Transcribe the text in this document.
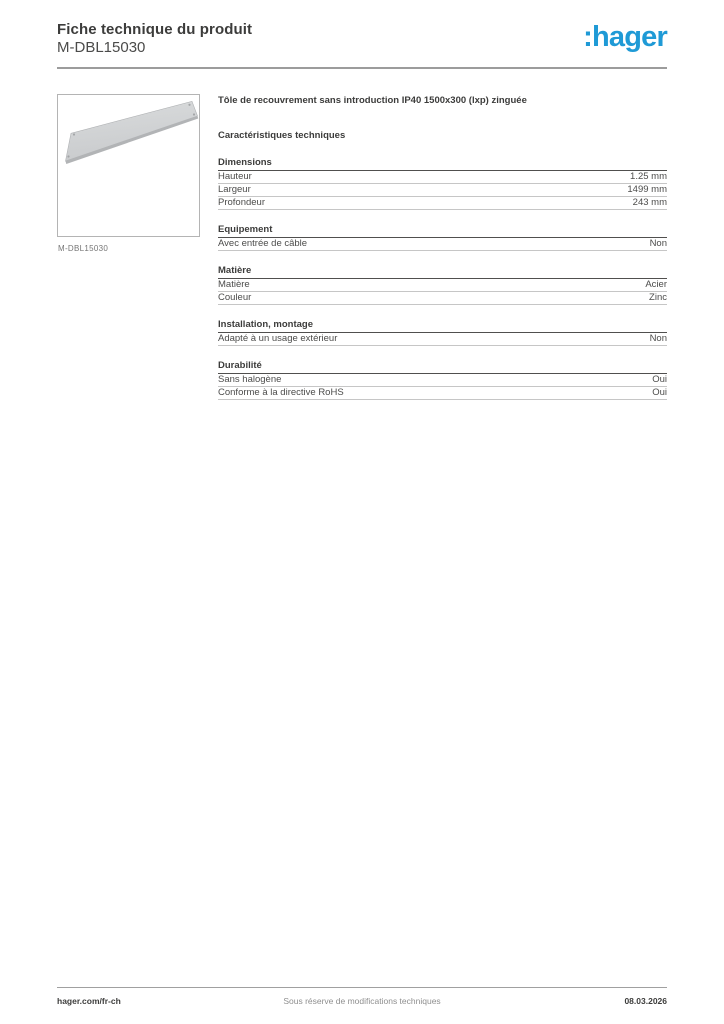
Fiche technique du produit
M-DBL15030	:hager
M-DBL15030
Tôle de recouvrement sans introduction IP40 1500x300 (lxp) zinguée
Caractéristiques techniques
Dimensions
Hauteur	1.25 mm
Largeur	1499 mm
Profondeur	243 mm
Equipement
Avec entrée de câble	Non
Matière
Matière	Acier
Couleur	Zinc
Installation, montage
Adapté à un usage extérieur	Non
Durabilité
Sans halogène	Oui
Conforme à la directive RoHS	Oui
hager.com/fr-ch	Sous réserve de modifications techniques	08.03.2026
